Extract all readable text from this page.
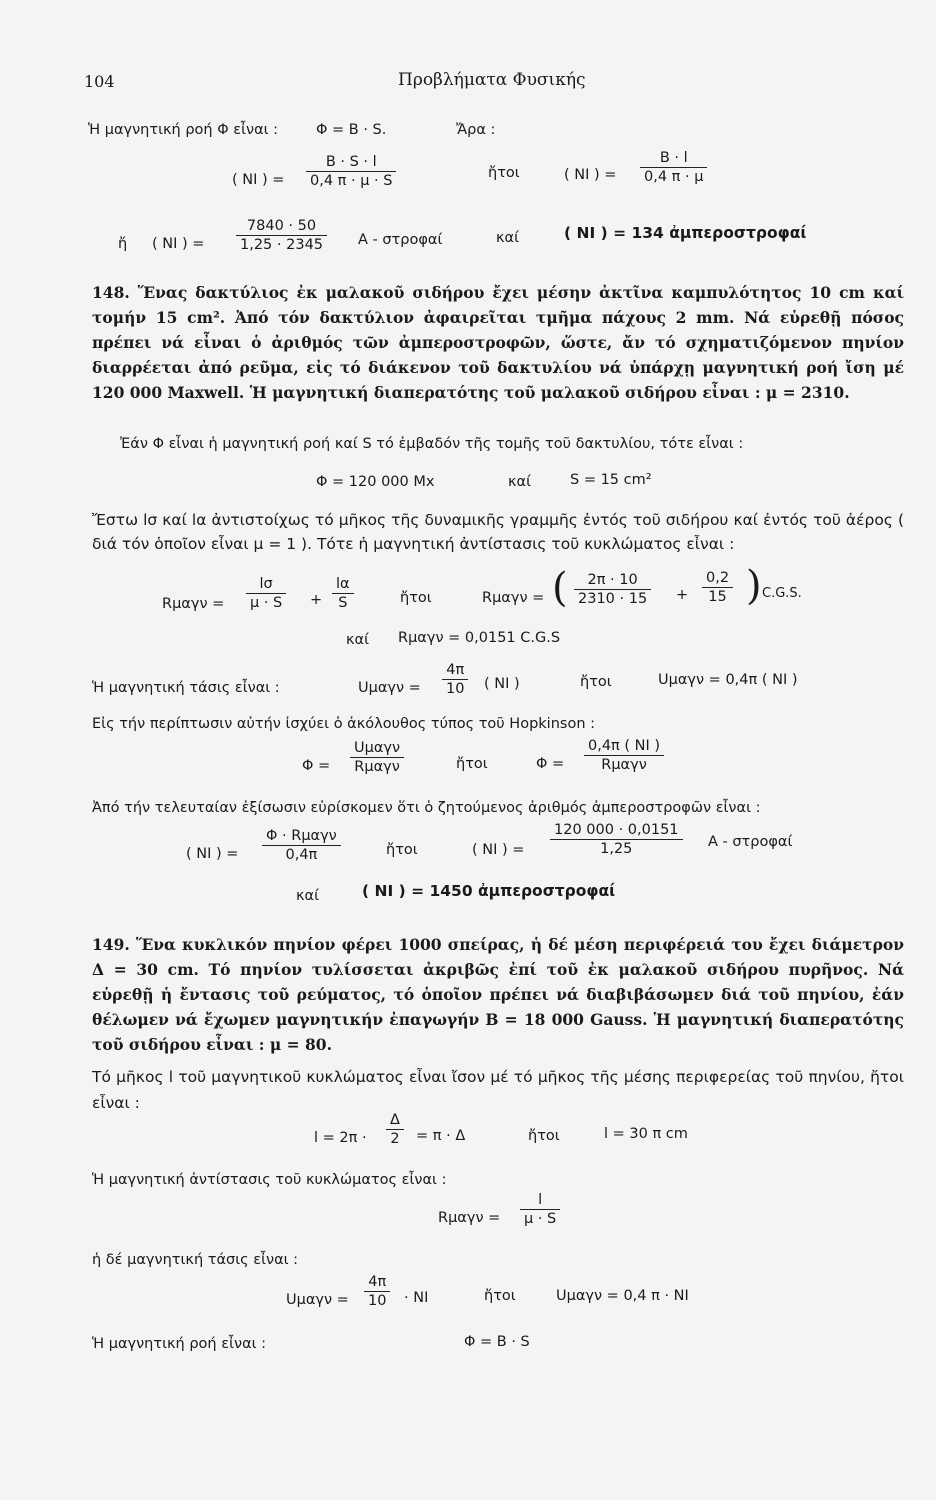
104	Προβλήματα Φυσικής
Ἡ μαγνητική ροή Φ εἶναι :	Φ = B · S.	Ἄρα :
( NI ) = $\frac{B \cdot S \cdot l}{0,4 \pi \cdot \mu \cdot S}$	ἤτοι	( NI ) = $\frac{B \cdot l}{0,4 \pi \cdot \mu}$
ἤ ( NI ) = $\frac{7840 \cdot 50}{1,25 \cdot 2345}$ A - στροφαί	καί	( NI ) = 134 ἀμπεροστροφαί
148. Ἕνας δακτύλιος ἐκ μαλακοῦ σιδήρου ἔχει μέσην ἀκτῖνα καμπυλότητος 10 cm καί τομήν 15 cm². Ἀπό τόν δακτύλιον ἀφαιρεῖται τμῆμα πάχους 2 mm. Νά εὑρεθῇ πόσος πρέπει νά εἶναι ὁ ἀριθμός τῶν ἀμπεροστροφῶν, ὥστε, ἄν τό σχηματιζόμενον πηνίον διαρρέεται ἀπό ρεῦμα, εἰς τό διάκενον τοῦ δακτυλίου νά ὑπάρχῃ μαγνητική ροή ἴση μέ 120 000 Maxwell. Ἡ μαγνητική διαπερατότης τοῦ μαλακοῦ σιδήρου εἶναι : μ = 2310.
Ἐάν Φ εἶναι ἡ μαγνητική ροή καί S τό ἐμβαδόν τῆς τομῆς τοῦ δακτυλίου, τότε εἶναι :
Φ = 120 000 Mx	καί	S = 15 cm²
Ἔστω lσ καί lα ἀντιστοίχως τό μῆκος τῆς δυναμικῆς γραμμῆς ἐντός τοῦ σιδήρου καί ἐντός τοῦ ἀέρος ( διά τόν ὁποῖον εἶναι μ = 1 ). Τότε ἡ μαγνητική ἀντίστασις τοῦ κυκλώματος εἶναι :
$R\mu\alpha\gamma\nu = \frac{l\sigma}{\mu \cdot S} + \frac{l\alpha}{S}$	ἤτοι	Rμαγν = ( $\frac{2\pi \cdot 10}{2310 \cdot 15} + \frac{0,2}{15}$ ) C.G.S.
καί Rμαγν = 0,0151 C.G.S
Ἡ μαγνητική τάσις εἶναι :	$U\mu\alpha\gamma\nu = \frac{4\pi}{10}$ ( NI )	ἤτοι	Uμαγν = 0,4π ( NI )
Εἰς τήν περίπτωσιν αὐτήν ἰσχύει ὁ ἀκόλουθος τύπος τοῦ Hopkinson :
Φ =
Uμαγν
Rμαγν	ἤτοι	Φ =
0,4π ( NI )
Rμαγν
Ἀπό τήν τελευταίαν ἐξίσωσιν εὑρίσκομεν ὅτι ὁ ζητούμενος ἀριθμός ἀμπεροστροφῶν εἶναι :
( NI ) =
Φ · Rμαγν
0,4π	ἤτοι	( NI ) = $\frac{120 000 \cdot 0,0151}{1,25}$ A - στροφαί
καί	( NI ) = 1450 ἀμπεροστροφαί
149. Ἕνα κυκλικόν πηνίον φέρει 1000 σπείρας, ἡ δέ μέση περιφέρειά του ἔχει διάμετρον Δ = 30 cm. Τό πηνίον τυλίσσεται ἀκριβῶς ἐπί τοῦ ἐκ μαλακοῦ σιδήρου πυρῆνος. Νά εὑρεθῇ ἡ ἔντασις τοῦ ρεύματος, τό ὁποῖον πρέπει νά διαβιβάσωμεν διά τοῦ πηνίου, ἐάν θέλωμεν νά ἔχωμεν μαγνητικήν ἐπαγωγήν B = 18 000 Gauss. Ἡ μαγνητική διαπερατότης τοῦ σιδήρου εἶναι : μ = 80.
Τό μῆκος l τοῦ μαγνητικοῦ κυκλώματος εἶναι ἴσον μέ τό μῆκος τῆς μέσης περιφερείας τοῦ πηνίου, ἤτοι εἶναι :
$l = 2\pi \cdot \frac{\Delta}{2} = \pi \cdot \Delta$	ἤτοι	l = 30 π cm
Ἡ μαγνητική ἀντίστασις τοῦ κυκλώματος εἶναι :
$R\mu\alpha\gamma\nu = \frac{l}{\mu \cdot S}$
ἡ δέ μαγνητική τάσις εἶναι :
$U\mu\alpha\gamma\nu = \frac{4\pi}{10}$ · NI	ἤτοι	Uμαγν = 0,4 π · NI
Ἡ μαγνητική ροή εἶναι :	Φ = B · S
